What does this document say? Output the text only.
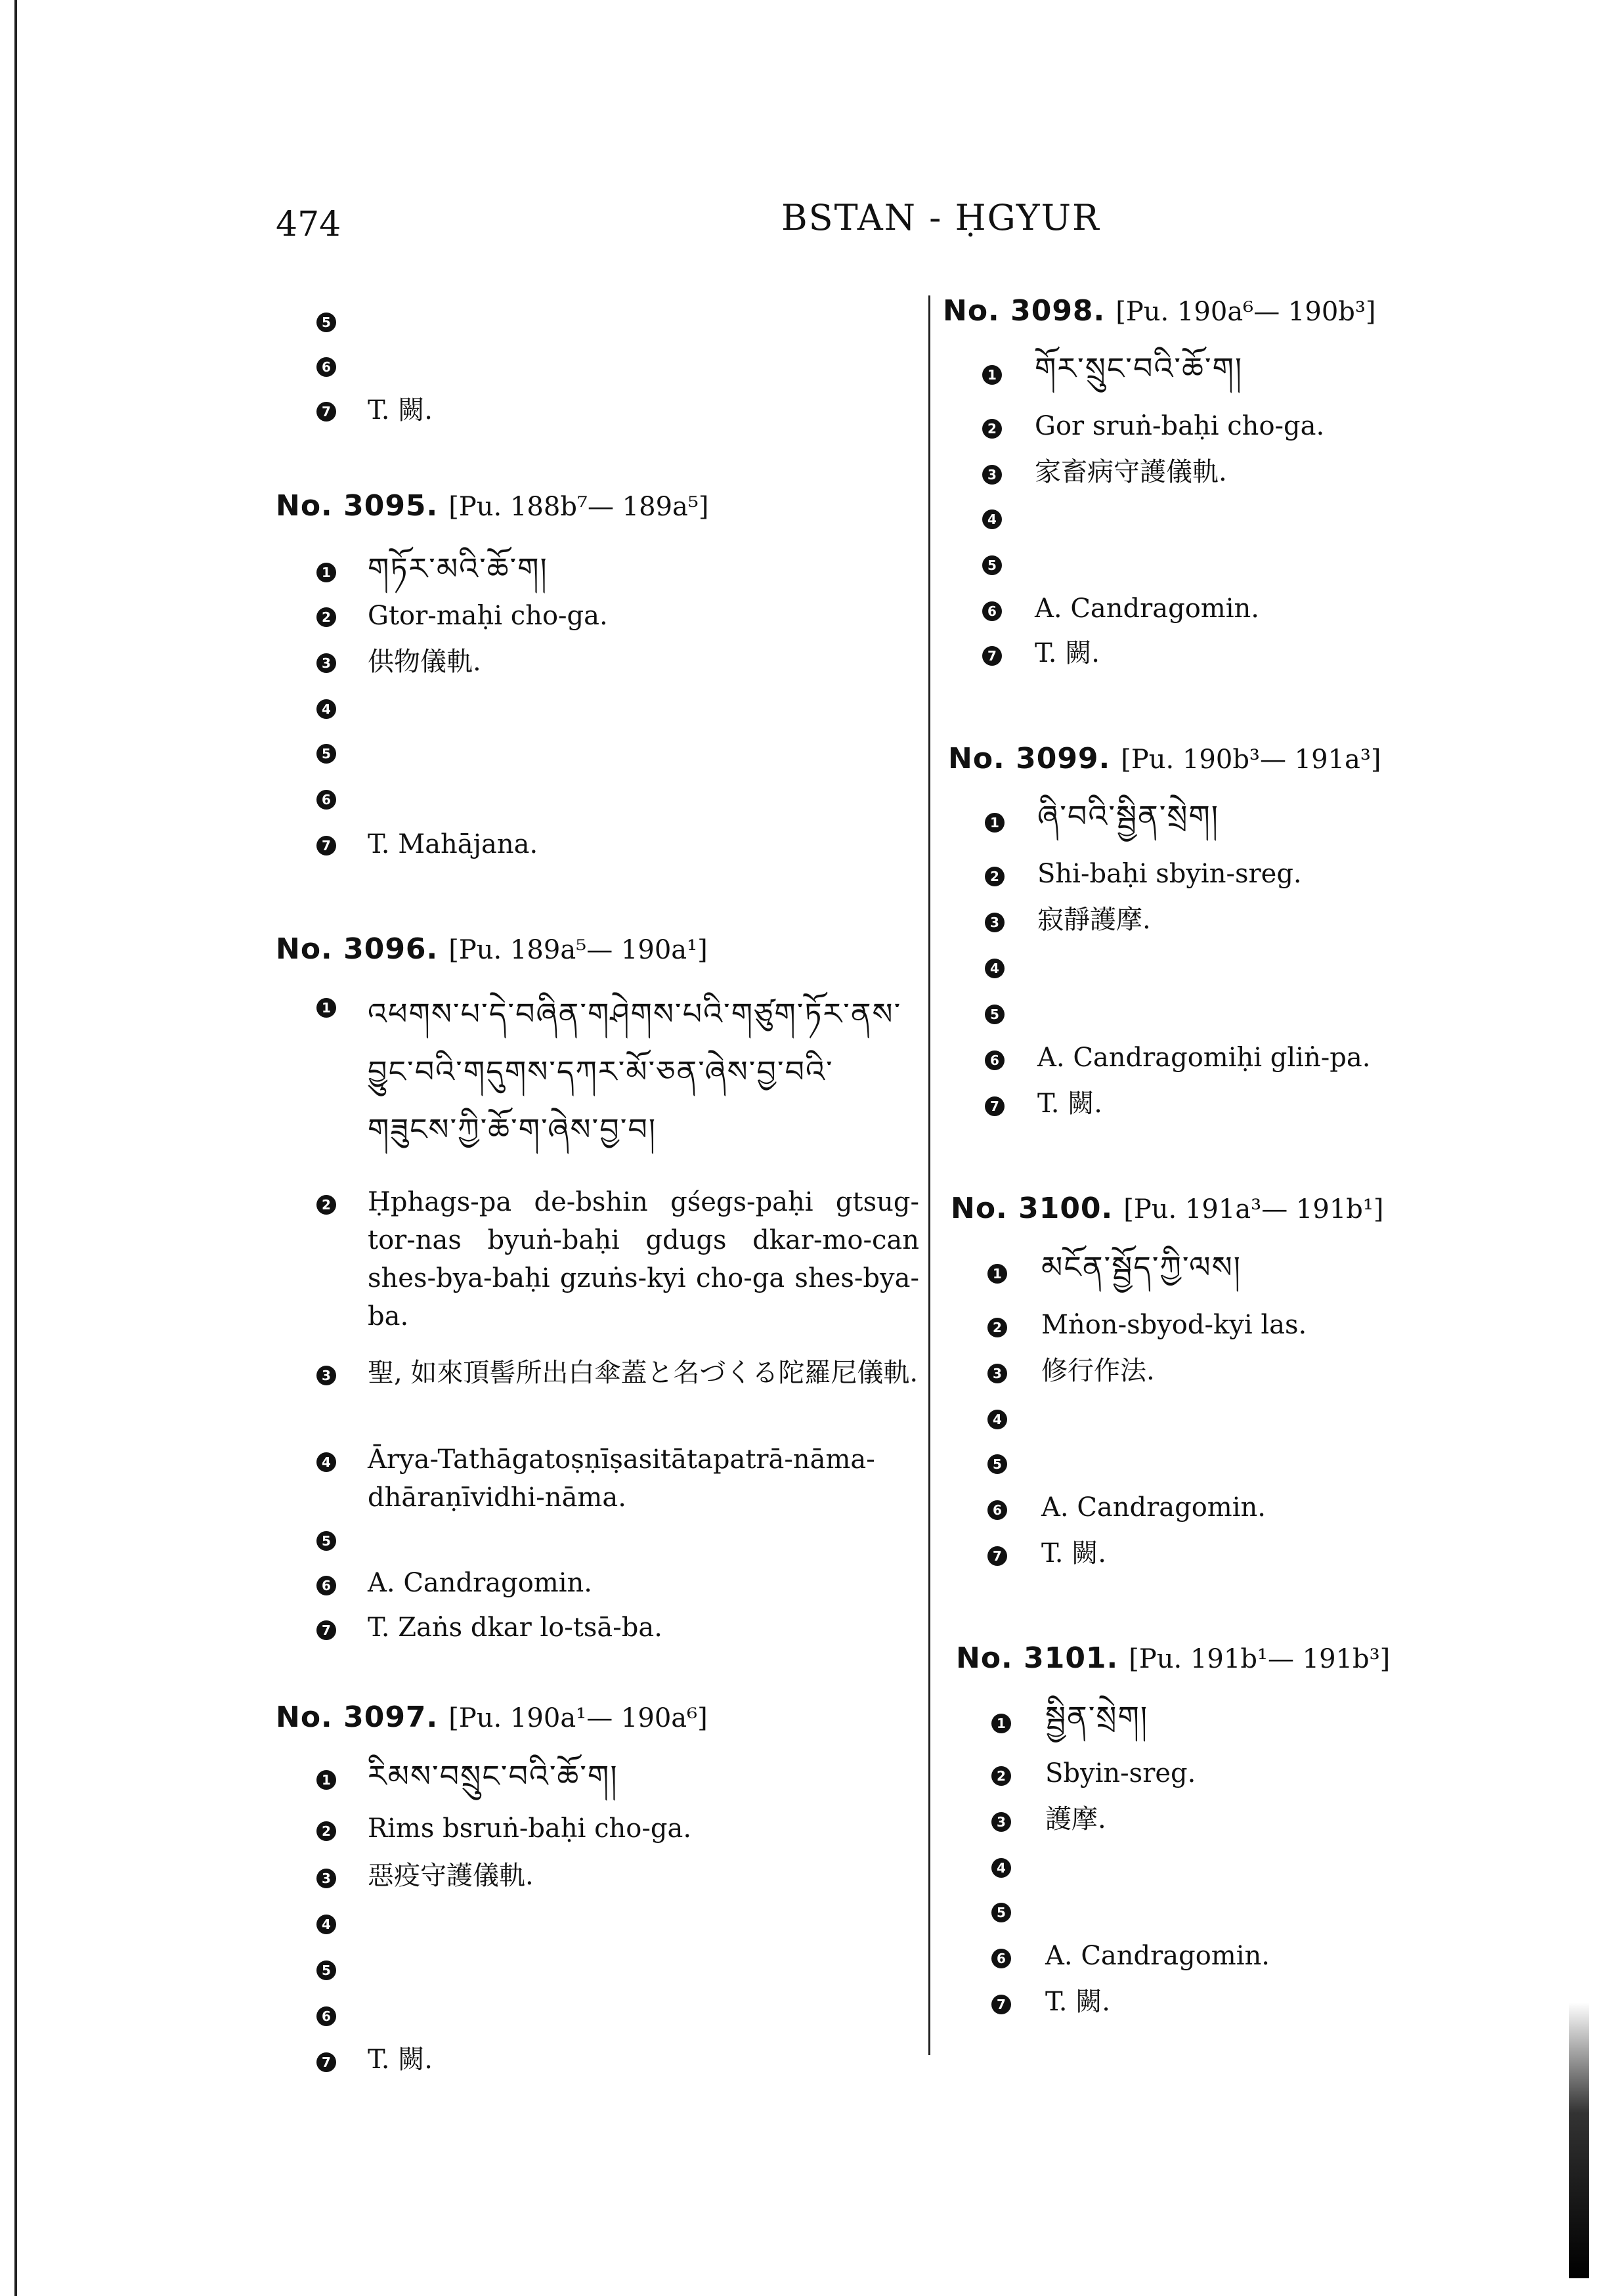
474	BSTAN - ḤGYUR
5
6
7 T. 闕.
No. 3095. [Pu. 188b⁷— 189a⁵]
1 གཏོར་མའི་ཆོ་ག།
2 Gtor-maḥi cho-ga.
3 供物儀軌.
4
5
6
7 T. Mahājana.
No. 3096. [Pu. 189a⁵— 190a¹]
1 འཕགས་པ་དེ་བཞིན་གཤེགས་པའི་གཙུག་ཏོར་ནས་བྱུང་བའི་གདུགས་དཀར་མོ་ཅན་ཞེས་བྱ་བའི་གཟུངས་ཀྱི་ཆོ་ག་ཞེས་བྱ་བ།
2 Ḥphags-pa de-bshin gśegs-paḥi gtsug-tor-nas byuṅ-baḥi gdugs dkar-mo-can shes-bya-baḥi gzuṅs-kyi cho-ga shes-bya-ba.
3 聖, 如來頂髻所出白傘蓋と名づくる陀羅尼儀軌.
4 Ārya-Tathāgatoṣṇīṣasitātapatrā-nāma-dhāraṇīvidhi-nāma.
5
6 A. Candragomin.
7 T. Zaṅs dkar lo-tsā-ba.
No. 3097. [Pu. 190a¹— 190a⁶]
1 རིམས་བསྲུང་བའི་ཆོ་ག།
2 Rims bsruṅ-baḥi cho-ga.
3 惡疫守護儀軌.
4
5
6
7 T. 闕.
No. 3098. [Pu. 190a⁶— 190b³]
1 གོར་སྲུང་བའི་ཆོ་ག།
2 Gor sruṅ-baḥi cho-ga.
3 家畜病守護儀軌.
4
5
6 A. Candragomin.
7 T. 闕.
No. 3099. [Pu. 190b³— 191a³]
1 ཞི་བའི་སྦྱིན་སྲེག།
2 Shi-baḥi sbyin-sreg.
3 寂靜護摩.
4
5
6 A. Candragomiḥi gliṅ-pa.
7 T. 闕.
No. 3100. [Pu. 191a³— 191b¹]
1 མངོན་སྦྱོད་ཀྱི་ལས།
2 Mṅon-sbyod-kyi las.
3 修行作法.
4
5
6 A. Candragomin.
7 T. 闕.
No. 3101. [Pu. 191b¹— 191b³]
1 སྦྱིན་སྲེག།
2 Sbyin-sreg.
3 護摩.
4
5
6 A. Candragomin.
7 T. 闕.
